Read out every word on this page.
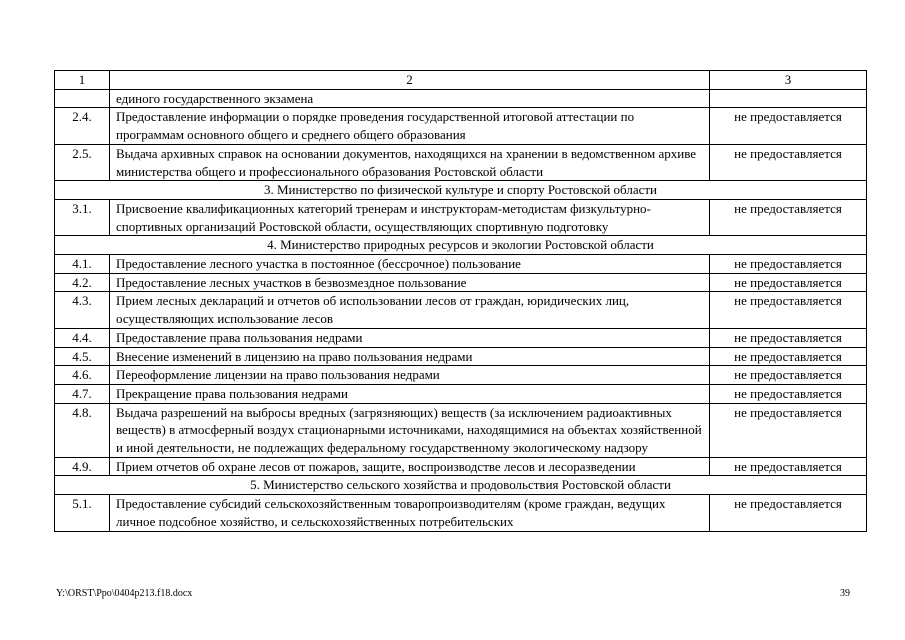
1	2	3
	единого государственного экзамена	
2.4.	Предоставление информации о порядке проведения государственной итоговой аттестации по программам основного общего и среднего общего образования	не предоставляется
2.5.	Выдача архивных справок на основании документов, находящихся на хранении в ведомственном архиве министерства общего и профессионального образования Ростовской области	не предоставляется
3. Министерство по физической культуре и спорту Ростовской области		
3.1.	Присвоение квалификационных категорий тренерам и инструкторам-методистам физкультурно-спортивных организаций Ростовской области, осуществляющих спортивную подготовку	не предоставляется
4. Министерство природных ресурсов и экологии Ростовской области		
4.1.	Предоставление лесного участка в постоянное (бессрочное) пользование	не предоставляется
4.2.	Предоставление лесных участков в безвозмездное пользование	не предоставляется
4.3.	Прием лесных деклараций и отчетов об использовании лесов от граждан, юридических лиц, осуществляющих использование лесов	не предоставляется
4.4.	Предоставление права пользования недрами	не предоставляется
4.5.	Внесение изменений в лицензию на право пользования недрами	не предоставляется
4.6.	Переоформление лицензии на право пользования недрами	не предоставляется
4.7.	Прекращение права пользования недрами	не предоставляется
4.8.	Выдача разрешений на выбросы вредных (загрязняющих) веществ (за исключением радиоактивных веществ) в атмосферный воздух стационарными источниками, находящимися на объектах хозяйственной и иной деятельности, не подлежащих федеральному государственному экологическому надзору	не предоставляется
4.9.	Прием отчетов об охране лесов от пожаров, защите, воспроизводстве лесов и лесоразведении	не предоставляется
5. Министерство сельского хозяйства и продовольствия Ростовской области		
5.1.	Предоставление субсидий сельскохозяйственным товаропроизводителям (кроме граждан, ведущих личное подсобное хозяйство, и сельскохозяйственных потребительских	не предоставляется
Y:\ORST\Ppo\0404p213.f18.docx	39
